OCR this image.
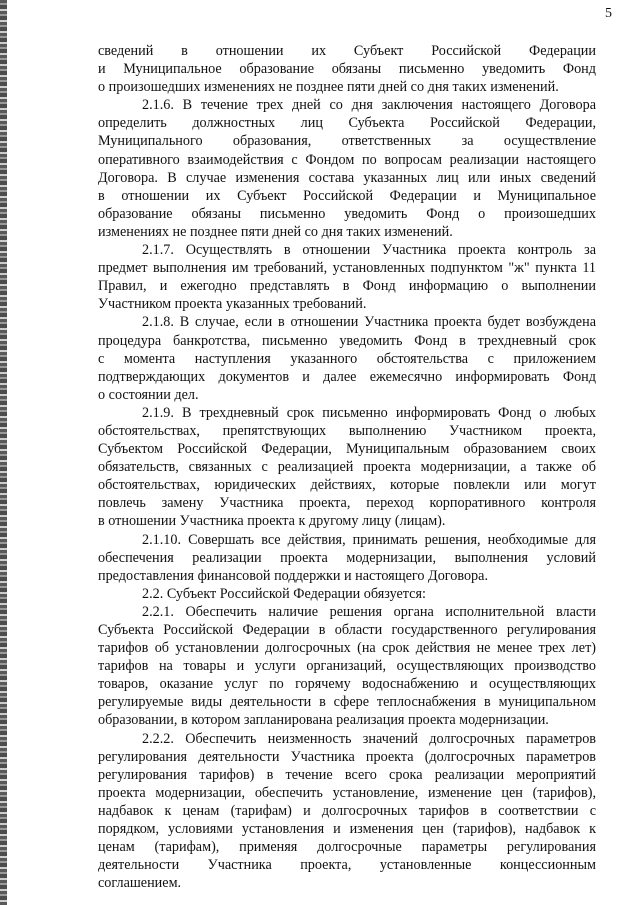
5

сведений в отношении их Субъект Российской Федерации
и Муниципальное образование обязаны письменно уведомить Фонд
о произошедших изменениях не позднее пяти дней со дня таких изменений.

2.1.6. В течение трех дней со дня заключения настоящего Договора
определить должностных лиц Субъекта Российской Федерации,
Муниципального образования, ответственных за осуществление
оперативного взаимодействия с Фондом по вопросам реализации настоящего
Договора. В случае изменения состава указанных лиц или иных сведений
в отношении их Субъект Российской Федерации и Муниципальное
образование обязаны письменно уведомить Фонд о произошедших
изменениях не позднее пяти дней со дня таких изменений.

2.1.7. Осуществлять в отношении Участника проекта контроль за
предмет выполнения им требований, установленных подпунктом "ж" пункта 11
Правил, и ежегодно представлять в Фонд информацию о выполнении
Участником проекта указанных требований.

2.1.8. В случае, если в отношении Участника проекта будет возбуждена
процедура банкротства, письменно уведомить Фонд в трехдневный срок
с момента наступления указанного обстоятельства с приложением
подтверждающих документов и далее ежемесячно информировать Фонд
о состоянии дел.

2.1.9. В трехдневный срок письменно информировать Фонд о любых
обстоятельствах, препятствующих выполнению Участником проекта,
Субъектом Российской Федерации, Муниципальным образованием своих
обязательств, связанных с реализацией проекта модернизации, а также об
обстоятельствах, юридических действиях, которые повлекли или могут
повлечь замену Участника проекта, переход корпоративного контроля
в отношении Участника проекта к другому лицу (лицам).

2.1.10. Совершать все действия, принимать решения, необходимые для
обеспечения реализации проекта модернизации, выполнения условий
предоставления финансовой поддержки и настоящего Договора.

2.2. Субъект Российской Федерации обязуется:

2.2.1. Обеспечить наличие решения органа исполнительной власти
Субъекта Российской Федерации в области государственного регулирования
тарифов об установлении долгосрочных (на срок действия не менее трех лет)
тарифов на товары и услуги организаций, осуществляющих производство
товаров, оказание услуг по горячему водоснабжению и осуществляющих
регулируемые виды деятельности в сфере теплоснабжения в муниципальном
образовании, в котором запланирована реализация проекта модернизации.

2.2.2. Обеспечить неизменность значений долгосрочных параметров
регулирования деятельности Участника проекта (долгосрочных параметров
регулирования тарифов) в течение всего срока реализации мероприятий
проекта модернизации, обеспечить установление, изменение цен (тарифов),
надбавок к ценам (тарифам) и долгосрочных тарифов в соответствии с
порядком, условиями установления и изменения цен (тарифов), надбавок к
ценам (тарифам), применяя долгосрочные параметры регулирования
деятельности Участника проекта, установленные концессионным
соглашением.
